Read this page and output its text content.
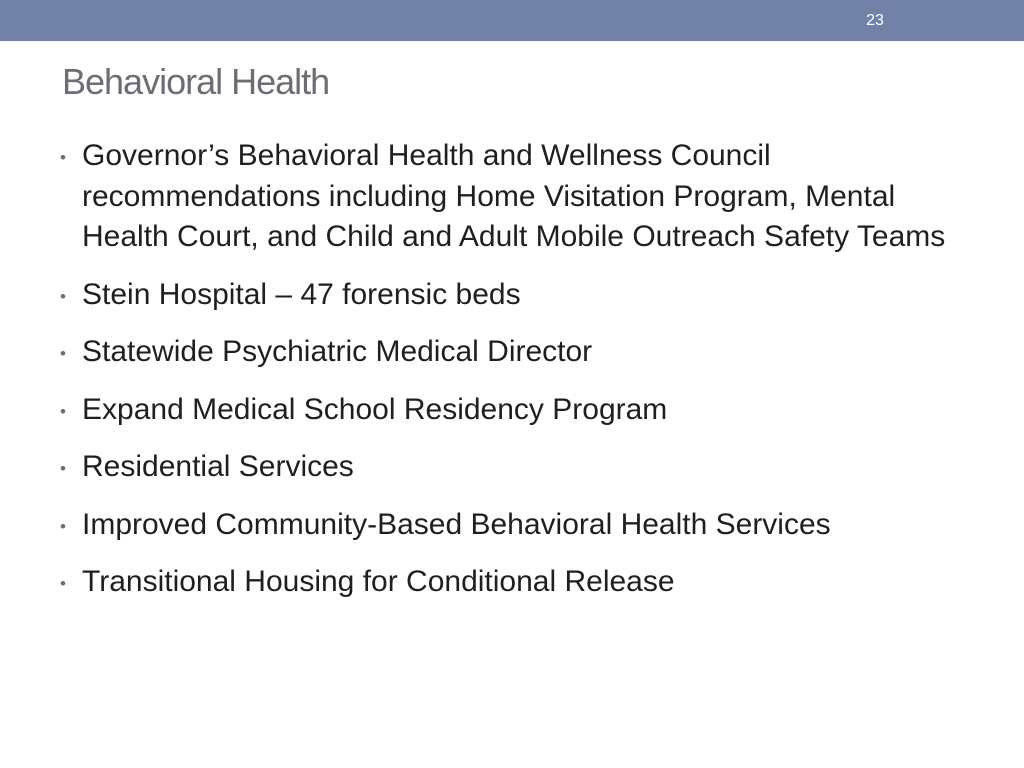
23
Behavioral Health
• Governor’s Behavioral Health and Wellness Council recommendations including Home Visitation Program, Mental Health Court, and Child and Adult Mobile Outreach Safety Teams
• Stein Hospital – 47 forensic beds
• Statewide Psychiatric Medical Director
• Expand Medical School Residency Program
• Residential Services
• Improved Community-Based Behavioral Health Services
• Transitional Housing for Conditional Release
